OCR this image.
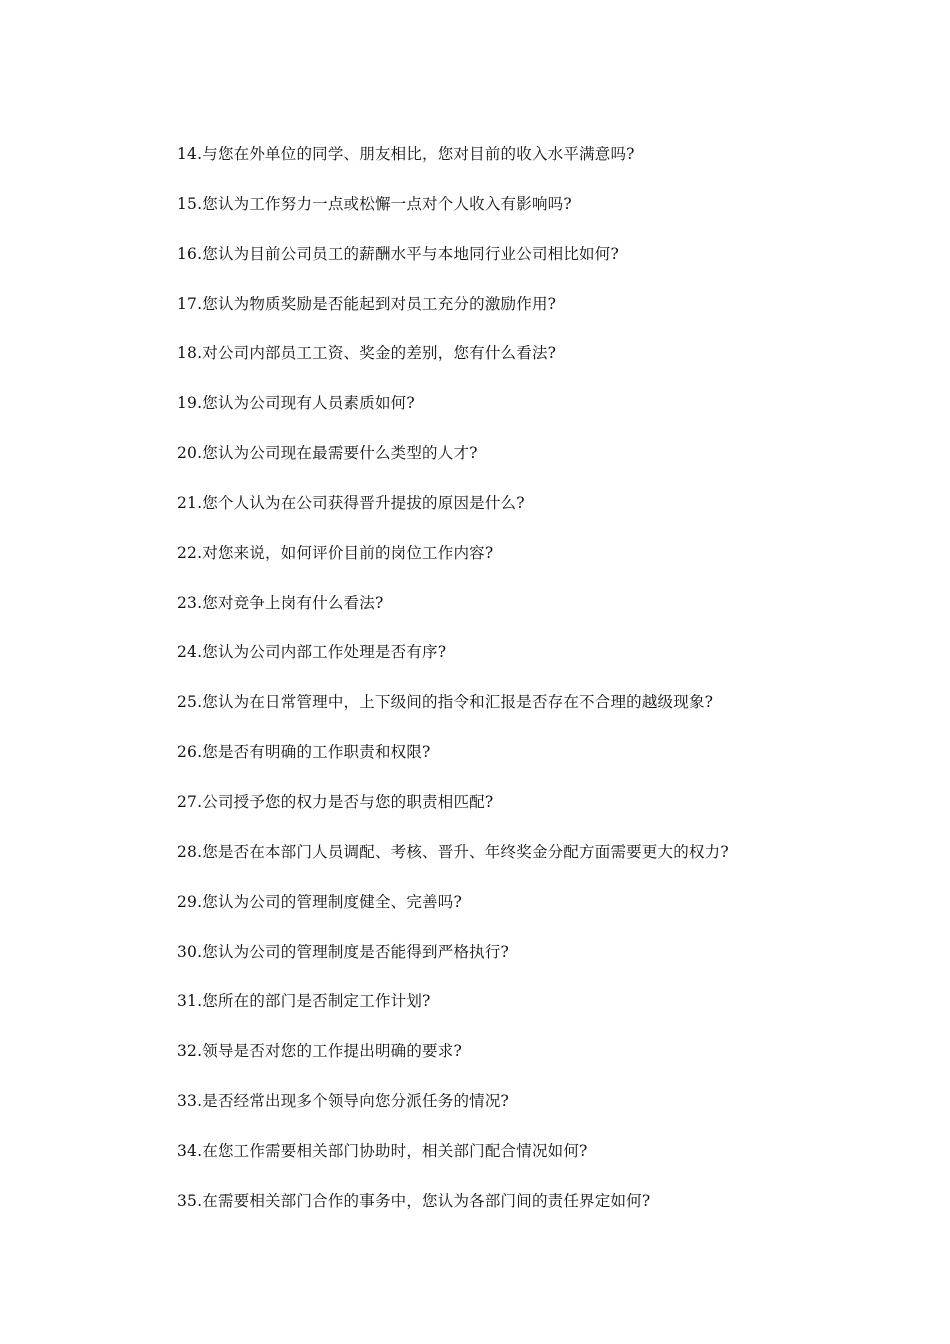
14.与您在外单位的同学、朋友相比，您对目前的收入水平满意吗?
15.您认为工作努力一点或松懈一点对个人收入有影响吗?
16.您认为目前公司员工的薪酬水平与本地同行业公司相比如何?
17.您认为物质奖励是否能起到对员工充分的激励作用?
18.对公司内部员工工资、奖金的差别，您有什么看法?
19.您认为公司现有人员素质如何?
20.您认为公司现在最需要什么类型的人才?
21.您个人认为在公司获得晋升提拔的原因是什么?
22.对您来说，如何评价目前的岗位工作内容?
23.您对竞争上岗有什么看法?
24.您认为公司内部工作处理是否有序?
25.您认为在日常管理中，上下级间的指令和汇报是否存在不合理的越级现象?
26.您是否有明确的工作职责和权限?
27.公司授予您的权力是否与您的职责相匹配?
28.您是否在本部门人员调配、考核、晋升、年终奖金分配方面需要更大的权力?
29.您认为公司的管理制度健全、完善吗?
30.您认为公司的管理制度是否能得到严格执行?
31.您所在的部门是否制定工作计划?
32.领导是否对您的工作提出明确的要求?
33.是否经常出现多个领导向您分派任务的情况?
34.在您工作需要相关部门协助时，相关部门配合情况如何?
35.在需要相关部门合作的事务中，您认为各部门间的责任界定如何?
